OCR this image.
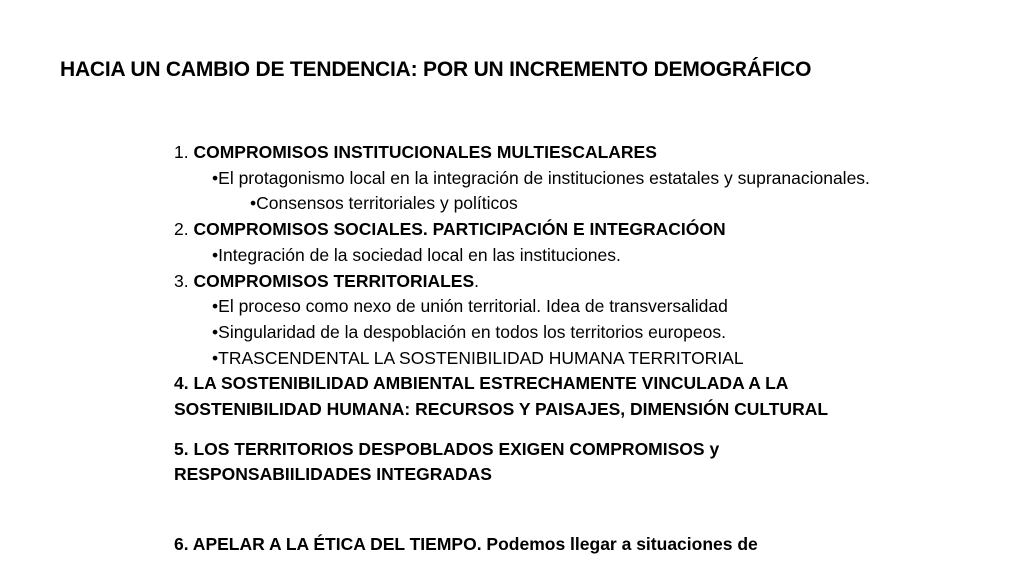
HACIA UN CAMBIO DE TENDENCIA: POR UN INCREMENTO DEMOGRÁFICO
1. COMPROMISOS INSTITUCIONALES MULTIESCALARES
• El protagonismo local en la integración de instituciones estatales y supranacionales.
•Consensos territoriales y políticos
2. COMPROMISOS SOCIALES. PARTICIPACIÓN E INTEGRACIÓON
•Integración de la sociedad local en las instituciones.
3. COMPROMISOS TERRITORIALES.
•El proceso como nexo de unión territorial. Idea de transversalidad
•Singularidad de la despoblación en todos los territorios europeos.
•TRASCENDENTAL LA SOSTENIBILIDAD HUMANA TERRITORIAL
4. LA SOSTENIBILIDAD AMBIENTAL ESTRECHAMENTE VINCULADA A LA SOSTENIBILIDAD HUMANA: RECURSOS Y PAISAJES, DIMENSIÓN CULTURAL
5. LOS TERRITORIOS DESPOBLADOS EXIGEN COMPROMISOS y RESPONSABIILIDADES INTEGRADAS
6. APELAR A LA ÉTICA DEL TIEMPO. Podemos llegar a situaciones de
